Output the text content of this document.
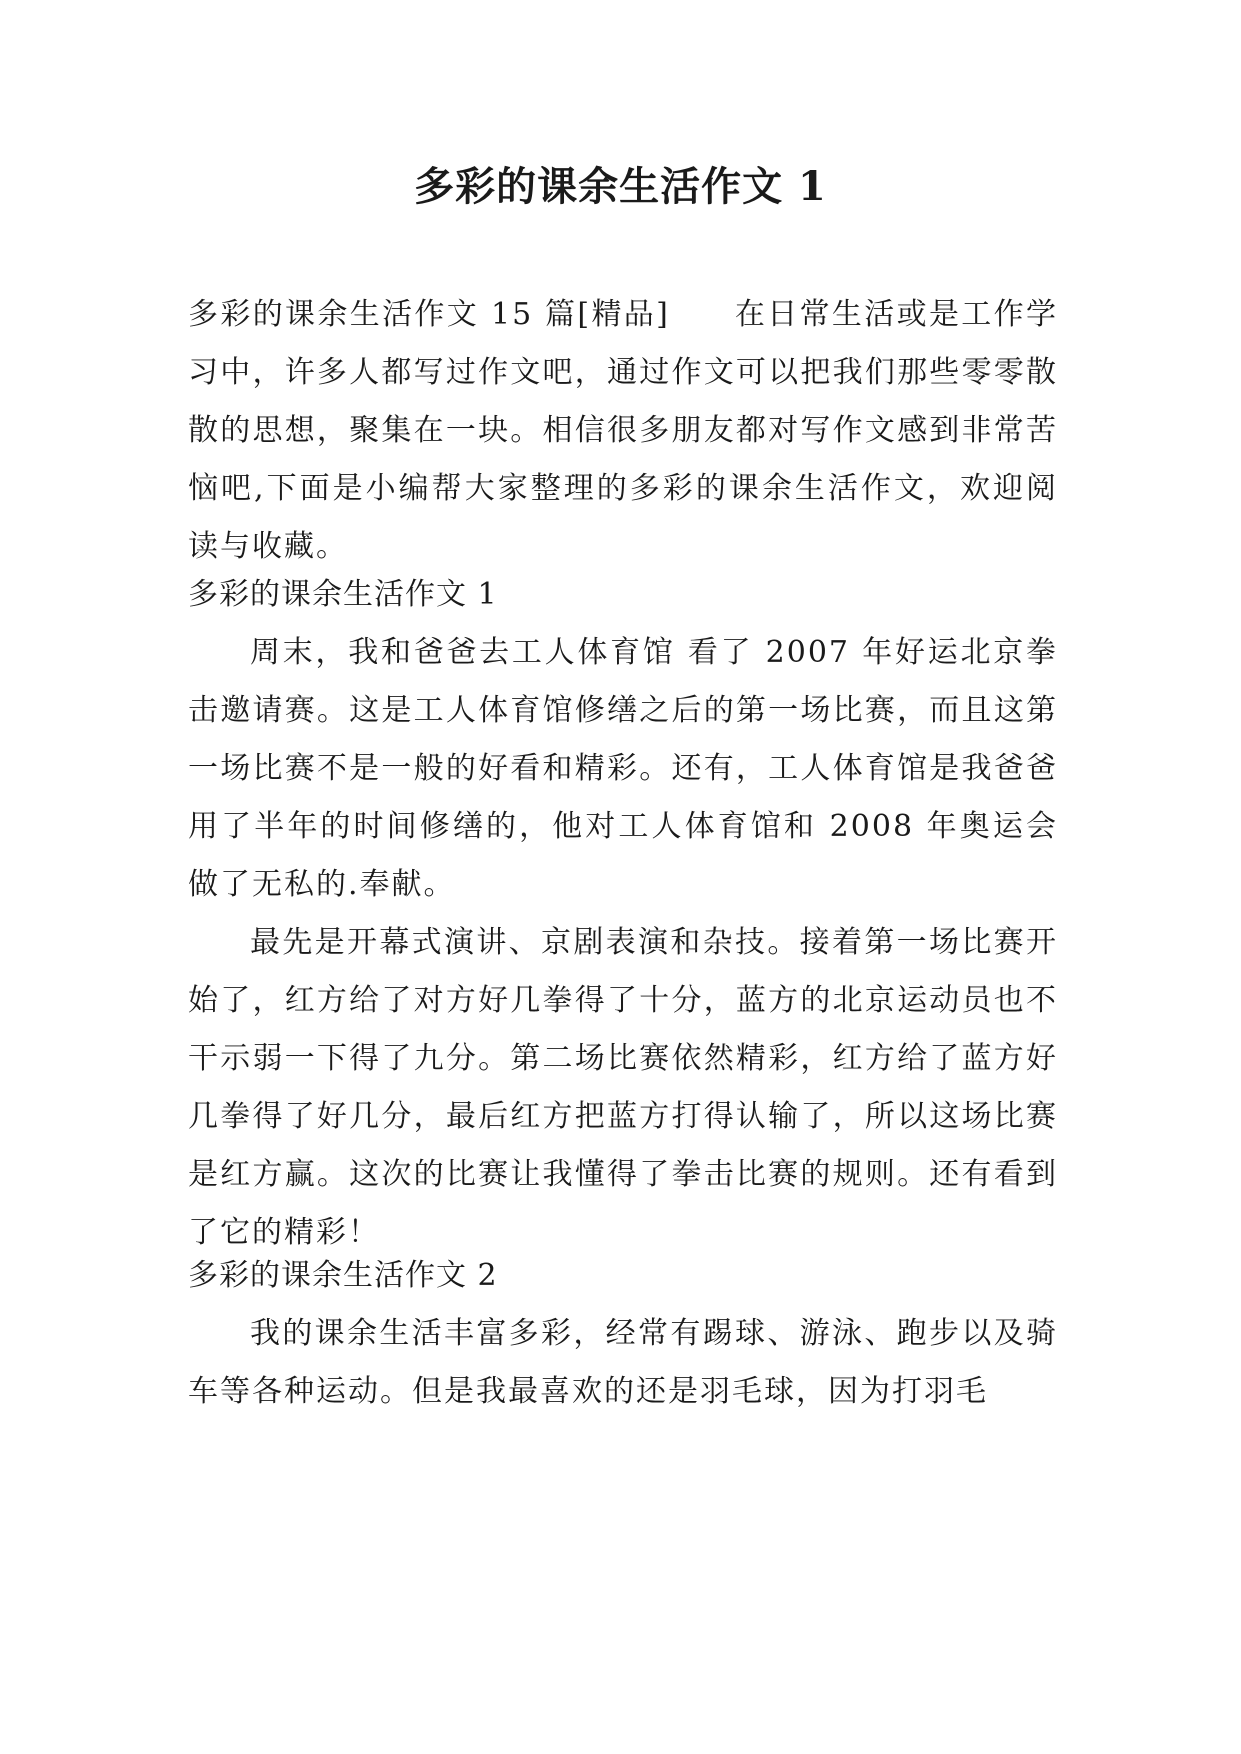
多彩的课余生活作文 1

多彩的课余生活作文 15 篇[精品]　　在日常生活或是工作学习中，许多人都写过作文吧，通过作文可以把我们那些零零散散的思想，聚集在一块。相信很多朋友都对写作文感到非常苦恼吧,下面是小编帮大家整理的多彩的课余生活作文，欢迎阅读与收藏。

多彩的课余生活作文 1

周末，我和爸爸去工人体育馆 看了 2007 年好运北京拳击邀请赛。这是工人体育馆修缮之后的第一场比赛，而且这第一场比赛不是一般的好看和精彩。还有，工人体育馆是我爸爸用了半年的时间修缮的，他对工人体育馆和 2008 年奥运会做了无私的.奉献。

最先是开幕式演讲、京剧表演和杂技。接着第一场比赛开始了，红方给了对方好几拳得了十分，蓝方的北京运动员也不干示弱一下得了九分。第二场比赛依然精彩，红方给了蓝方好几拳得了好几分，最后红方把蓝方打得认输了，所以这场比赛是红方赢。这次的比赛让我懂得了拳击比赛的规则。还有看到了它的精彩！

多彩的课余生活作文 2

我的课余生活丰富多彩，经常有踢球、游泳、跑步以及骑车等各种运动。但是我最喜欢的还是羽毛球，因为打羽毛
